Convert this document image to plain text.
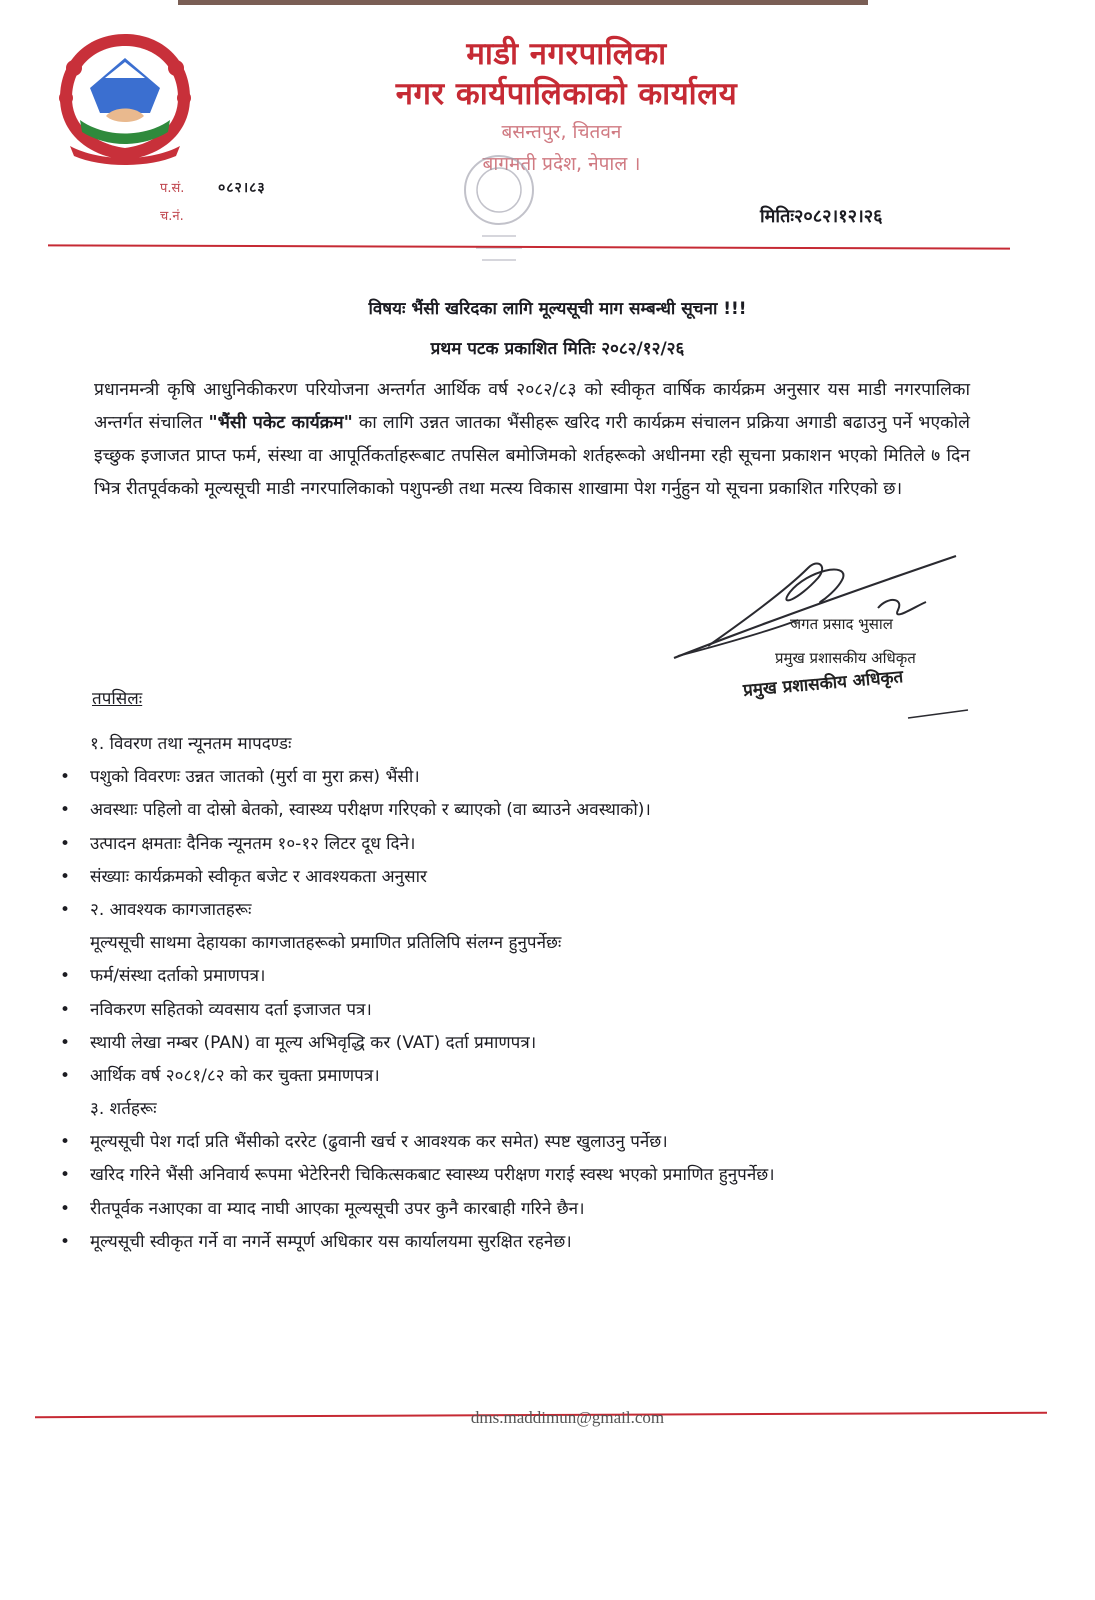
माडी नगरपालिका
नगर कार्यपालिकाको कार्यालय
बसन्तपुर, चितवन
बागमती प्रदेश, नेपाल ।
प.सं. ०८२।८३
च.नं.	मितिः२०८२।१२।२६
विषयः भैंसी खरिदका लागि मूल्यसूची माग सम्बन्धी सूचना !!!
प्रथम पटक प्रकाशित मितिः २०८२/१२/२६
प्रधानमन्त्री कृषि आधुनिकीकरण परियोजना अन्तर्गत आर्थिक वर्ष २०८२/८३ को स्वीकृत वार्षिक कार्यक्रम अनुसार यस माडी नगरपालिका अन्तर्गत संचालित "भैंसी पकेट कार्यक्रम" का लागि उन्नत जातका भैंसीहरू खरिद गरी कार्यक्रम संचालन प्रक्रिया अगाडी बढाउनु पर्ने भएकोले इच्छुक इजाजत प्राप्त फर्म, संस्था वा आपूर्तिकर्ताहरूबाट तपसिल बमोजिमको शर्तहरूको अधीनमा रही सूचना प्रकाशन भएको मितिले ७ दिन भित्र रीतपूर्वकको मूल्यसूची माडी नगरपालिकाको पशुपन्छी तथा मत्स्य विकास शाखामा पेश गर्नुहुन यो सूचना प्रकाशित गरिएको छ।
जगत प्रसाद भुसाल
प्रमुख प्रशासकीय अधिकृत
प्रमुख प्रशासकीय अधिकृत
तपसिलः
१. विवरण तथा न्यूनतम मापदण्डः
• पशुको विवरणः उन्नत जातको (मुर्रा वा मुरा क्रस) भैंसी।
• अवस्थाः पहिलो वा दोस्रो बेतको, स्वास्थ्य परीक्षण गरिएको र ब्याएको (वा ब्याउने अवस्थाको)।
• उत्पादन क्षमताः दैनिक न्यूनतम १०-१२ लिटर दूध दिने।
• संख्याः कार्यक्रमको स्वीकृत बजेट र आवश्यकता अनुसार
• २. आवश्यक कागजातहरूः
मूल्यसूची साथमा देहायका कागजातहरूको प्रमाणित प्रतिलिपि संलग्न हुनुपर्नेछः
• फर्म/संस्था दर्ताको प्रमाणपत्र।
• नविकरण सहितको व्यवसाय दर्ता इजाजत पत्र।
• स्थायी लेखा नम्बर (PAN) वा मूल्य अभिवृद्धि कर (VAT) दर्ता प्रमाणपत्र।
• आर्थिक वर्ष २०८१/८२ को कर चुक्ता प्रमाणपत्र।
३. शर्तहरूः
• मूल्यसूची पेश गर्दा प्रति भैंसीको दररेट (ढुवानी खर्च र आवश्यक कर समेत) स्पष्ट खुलाउनु पर्नेछ।
• खरिद गरिने भैंसी अनिवार्य रूपमा भेटेरिनरी चिकित्सकबाट स्वास्थ्य परीक्षण गराई स्वस्थ भएको प्रमाणित हुनुपर्नेछ।
• रीतपूर्वक नआएका वा म्याद नाघी आएका मूल्यसूची उपर कुनै कारबाही गरिने छैन।
• मूल्यसूची स्वीकृत गर्ने वा नगर्ने सम्पूर्ण अधिकार यस कार्यालयमा सुरक्षित रहनेछ।
dms.maddimun@gmail.com
